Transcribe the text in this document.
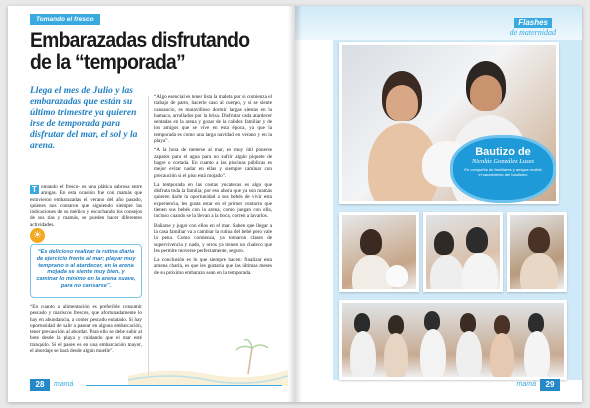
Tomando el fresco
Embarazadas disfrutando
de la “temporada”
Llega el mes de Julio y las embarazadas que están su último trimestre ya quieren irse de temporada para disfrutar del mar, el sol y la arena.
T omando el fresco- es una plática sabrosa entre amigas. En esta ocasión fue con mamás que estuvieron embarazadas el verano del año pasado, quienes nos contaron que siguiendo siempre las indicaciones de su médico y escuchando los consejos de sus tías y mamás, se pueden hacer diferentes actividades.
☀
“Es delicioso realizar la rutina diaria de ejercicio frente al mar; playar muy temprano o al atardecer, en la arena mojada se siente muy bien, y caminar lo mínimo en la arena suave, para no cansarse”.
“En cuanto a alimentación es preferible consumir pescado y mariscos frescos, que afortunadamente lo hay en abundancia, a comer pescado enlatado. Si hay oportunidad de salir a pasear en alguna embarcación, tener precaución al abordar. Para ello se debe subir al bote desde la playa y cuidando que el mar esté tranquilo. Si el paseo es en una embarcación mayor, el abordaje se hará desde algún muelle”.

“Algo esencial es tener lista la maleta por si comienza el trabajo de parto, hacerle caso al cuerpo, y si se siente cansancio, es maravilloso dormir largas siestas en la hamaca, arrullados por la brisa. Disfrutar cada atardecer sentadas en la arena y gozar de la calidez familiar y de los amigos que se vive en esta época, ya que la temporada es como una larga navidad en verano y en la playa”.

“A la hora de meterse al mar, es muy útil ponerse zapatos para el agua para no sufrir algún piquete de bagre o cortada. En cuanto a las piscinas públicas es mejor evitar nadar en ellas y siempre caminar con precaución si el piso está mojado”.

La temporada en las costas yucatecas es algo que disfruta toda la familia, por eso ahora que ya son mamás quieren darle la oportunidad a sus bebés de vivir esta experiencia, les gusta estar en el primer contacto que tienen sus bebés con la arena, como juegan con ella, incluso cuando se la llevan a la boca, corren a lavarlos.

Bañarse y jugar con ellos en el mar. Saben que llegar a la casa familiar va a cambiar la rutina del bebé pero vale la pena. Como comienza, ya tomaron clases de supervivencia y nado, y otros ya tienen un chaleco que les permite moverse perfectamente, seguro.

La conclusión es lo que siempre hacen: finalizar esta amena charla, es que les gustaría que las últimas meses de su próximo embarazo sean en la temporada.

28	mamá
Flashes
de maternidad
Bautizo de
Nicolás González Luses
En compañía de familiares y amigos recibió el sacramento del bautismo
mamá	29
